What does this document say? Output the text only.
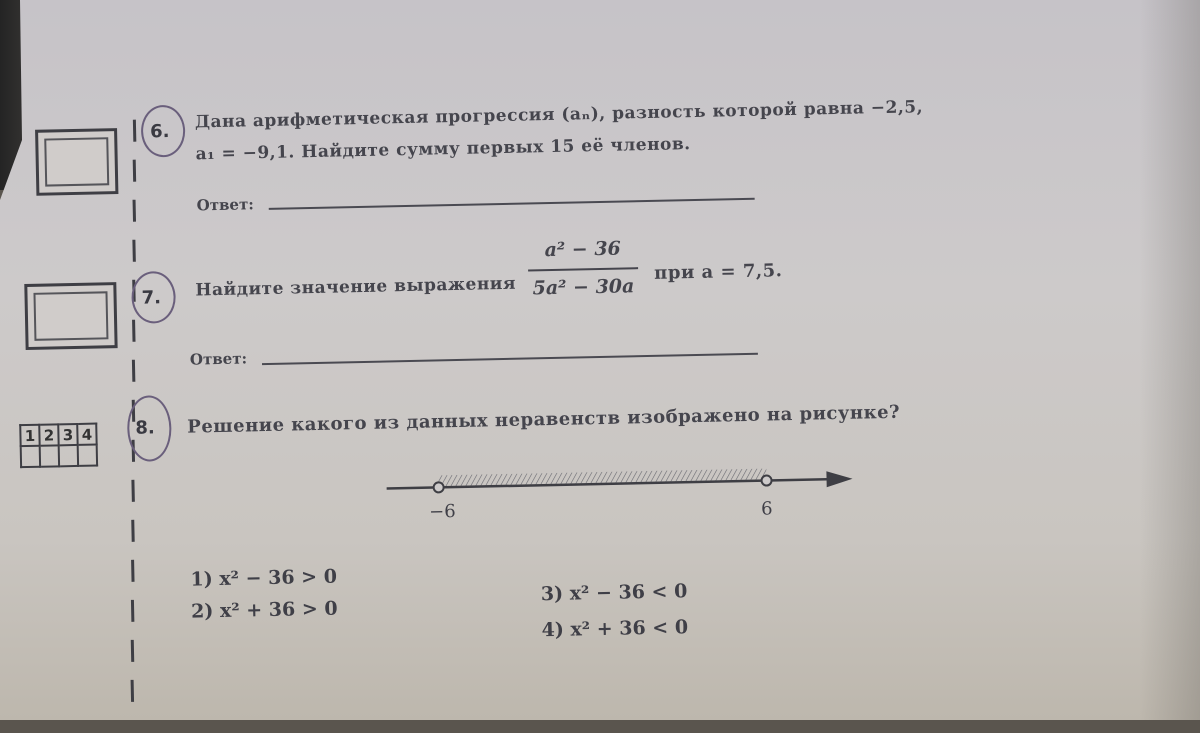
1	2	3	4

6. Дана арифметическая прогрессия (aₙ), разность которой равна −2,5,
a₁ = −9,1. Найдите сумму первых 15 её членов.
Ответ:
7. Найдите значение выражения
a² − 36
5a² − 30a
при a = 7,5.
Ответ:
8. Решение какого из данных неравенств изображено на рисунке?
−6	6
1) x² − 36 > 0
2) x² + 36 > 0
3) x² − 36 < 0
4) x² + 36 < 0
